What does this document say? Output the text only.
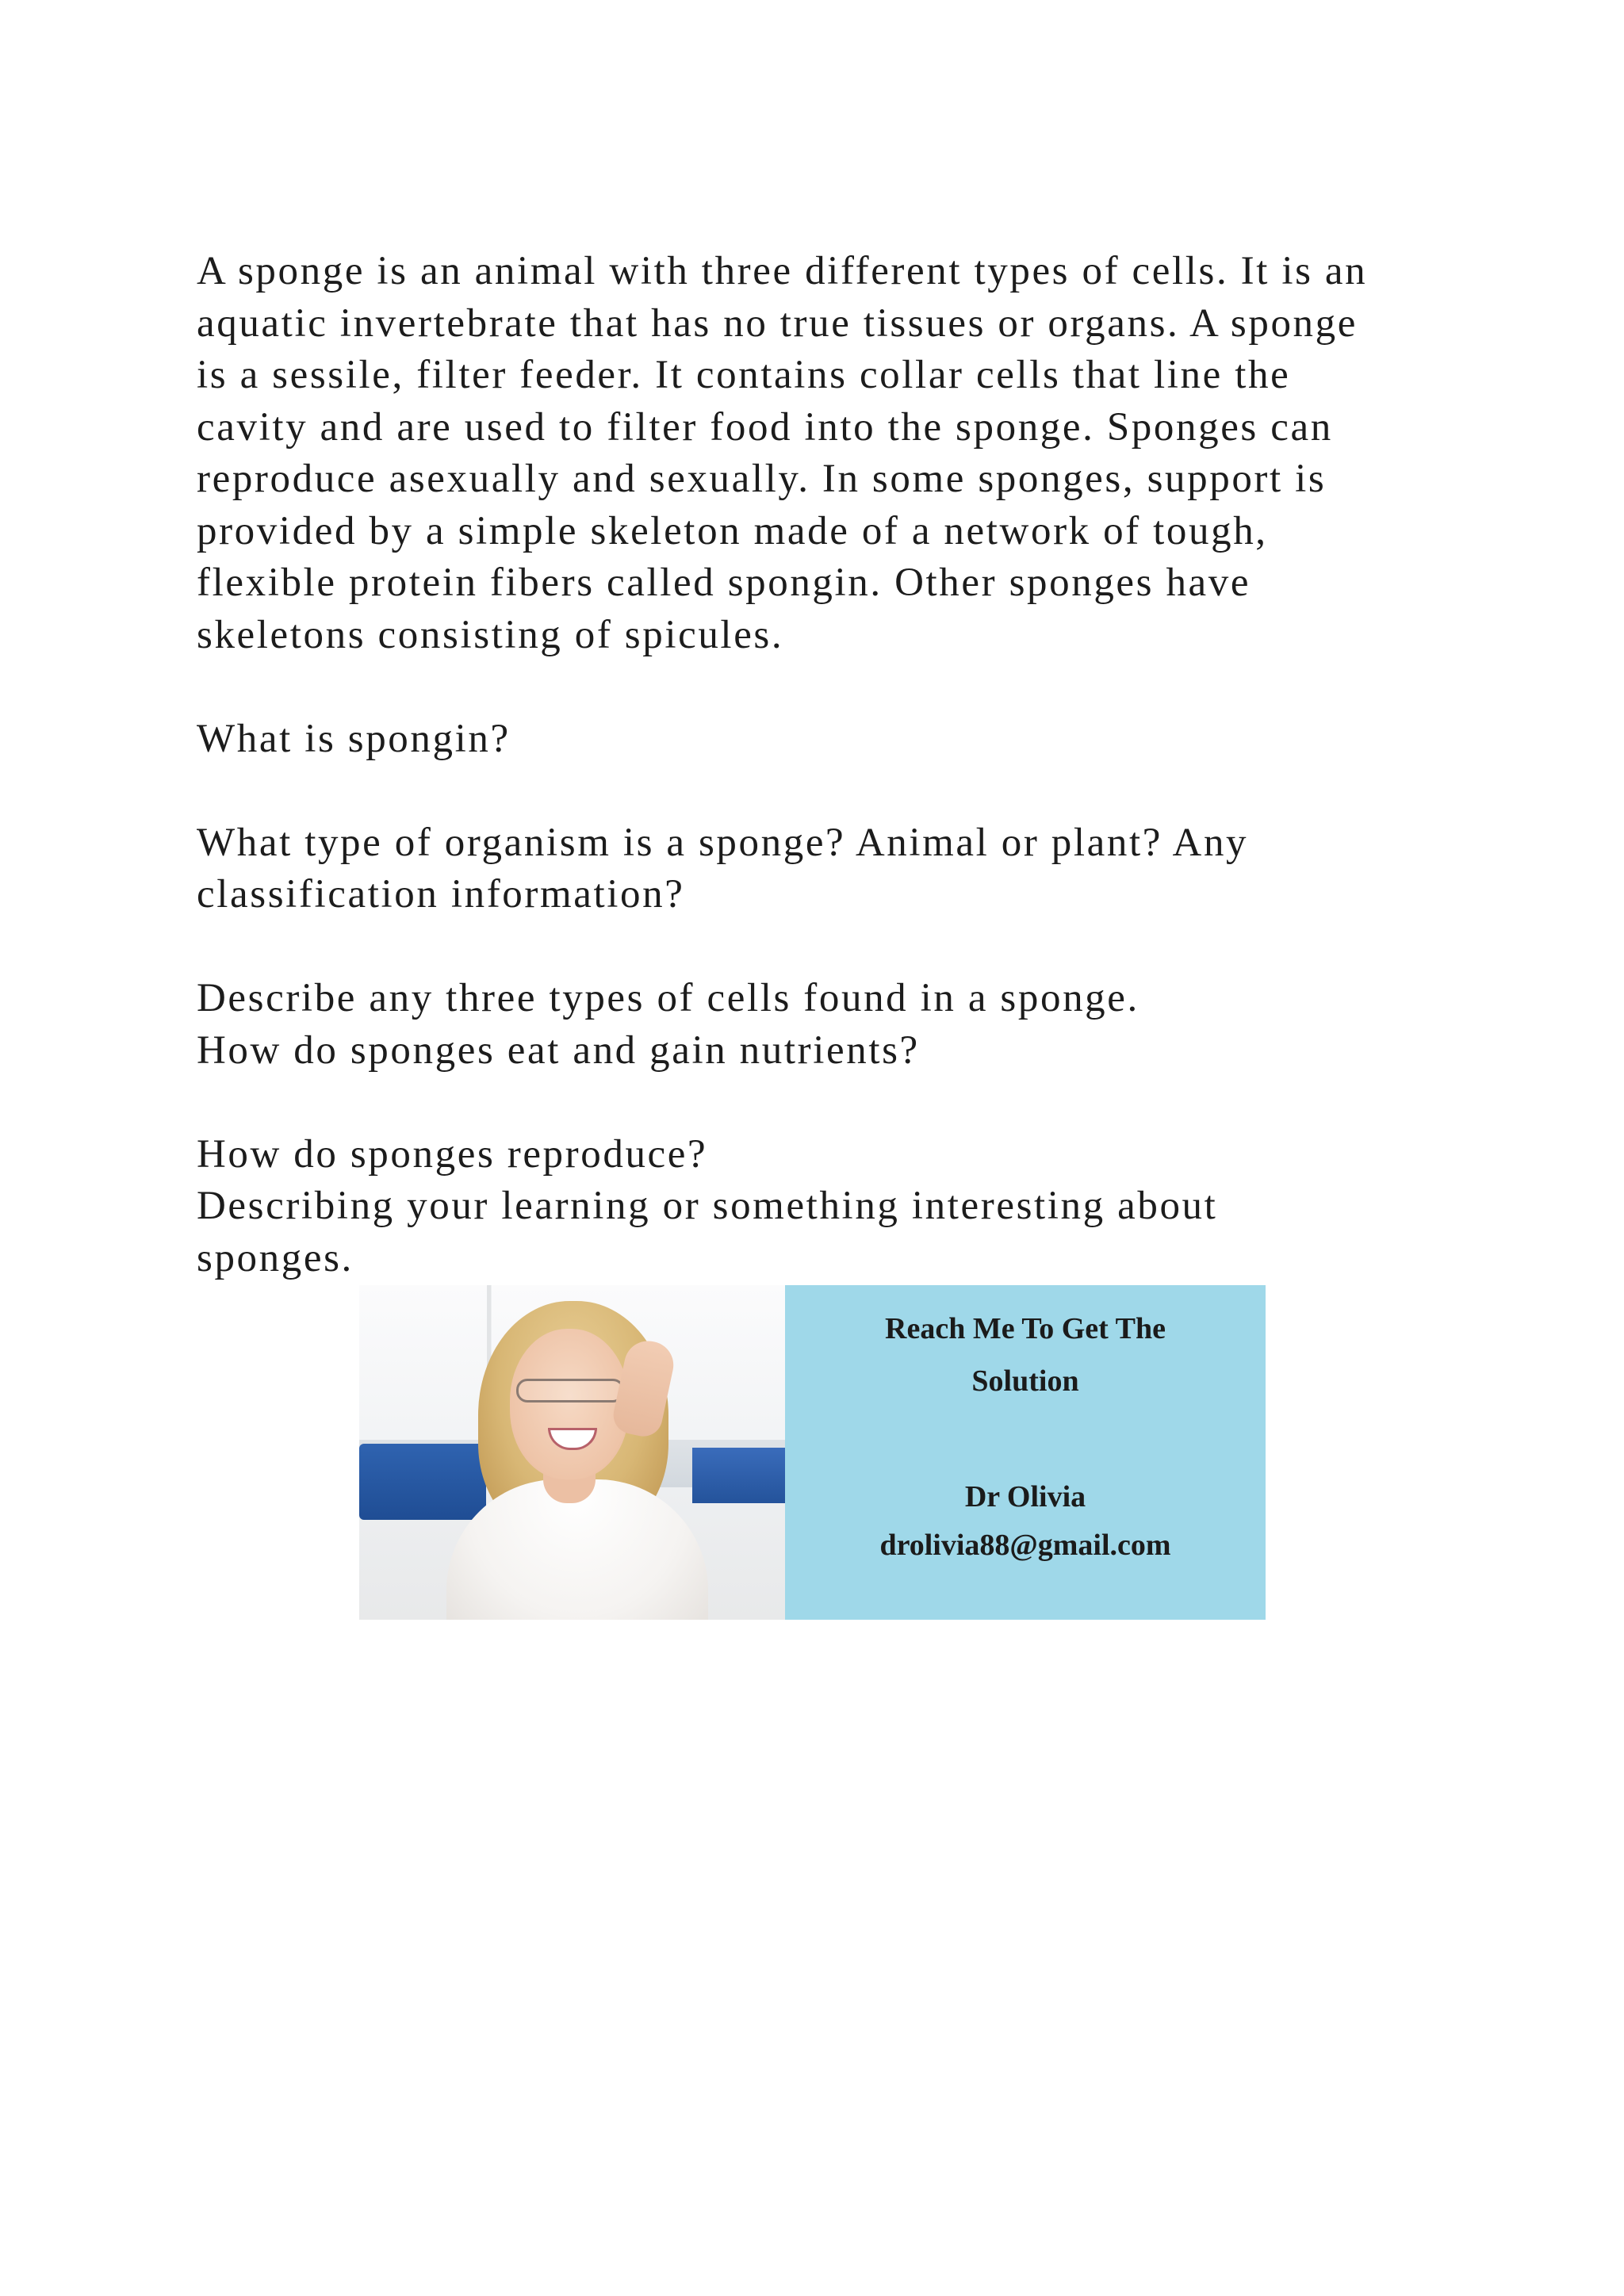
A sponge is an animal with three different types of cells. It is an
aquatic invertebrate that has no true tissues or organs. A sponge
is a sessile, filter feeder. It contains collar cells that line the
cavity and are used to filter food into the sponge. Sponges can
reproduce asexually and sexually. In some sponges, support is
provided by a simple skeleton made of a network of tough,
flexible protein fibers called spongin. Other sponges have
skeletons consisting of spicules.
What is spongin?
What type of organism is a sponge? Animal or plant? Any
classification information?
Describe any three types of cells found in a sponge.
How do sponges eat and gain nutrients?
How do sponges reproduce?
Describing your learning or something interesting about
sponges.
Reach Me To Get The
Solution
Dr Olivia
drolivia88@gmail.com
